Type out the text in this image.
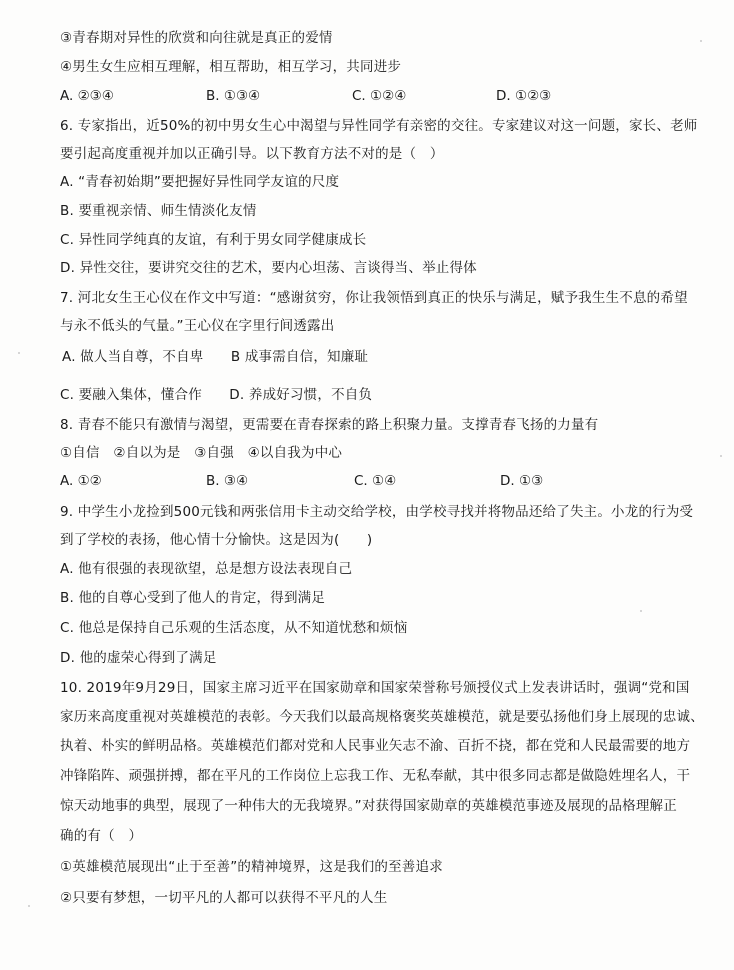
③青春期对异性的欣赏和向往就是真正的爱情
④男生女生应相互理解，相互帮助，相互学习，共同进步
A. ②③④	B. ①③④	C. ①②④	D. ①②③
6. 专家指出，近50%的初中男女生心中渴望与异性同学有亲密的交往。专家建议对这一问题，家长、老师
要引起高度重视并加以正确引导。以下教育方法不对的是（　）
A. “青春初始期”要把握好异性同学友谊的尺度
B. 要重视亲情、师生情淡化友情
C. 异性同学纯真的友谊，有利于男女同学健康成长
D. 异性交往，要讲究交往的艺术，要内心坦荡、言谈得当、举止得体
7. 河北女生王心仪在作文中写道：“感谢贫穷，你让我领悟到真正的快乐与满足，赋予我生生不息的希望
与永不低头的气量。”王心仪在字里行间透露出
A. 做人当自尊，不自卑　　B 成事需自信，知廉耻
C. 要融入集体，懂合作　　D. 养成好习惯，不自负
8. 青春不能只有激情与渴望，更需要在青春探索的路上积聚力量。支撑青春飞扬的力量有
①自信　②自以为是　③自强　④以自我为中心
A. ①②	B. ③④	C. ①④	D. ①③
9. 中学生小龙捡到500元钱和两张信用卡主动交给学校，由学校寻找并将物品还给了失主。小龙的行为受
到了学校的表扬，他心情十分愉快。这是因为(　　)
A. 他有很强的表现欲望，总是想方设法表现自己
B. 他的自尊心受到了他人的肯定，得到满足
C. 他总是保持自己乐观的生活态度，从不知道忧愁和烦恼
D. 他的虚荣心得到了满足
10. 2019年9月29日，国家主席习近平在国家勋章和国家荣誉称号颁授仪式上发表讲话时，强调“党和国
家历来高度重视对英雄模范的表彰。今天我们以最高规格褒奖英雄模范，就是要弘扬他们身上展现的忠诚、
执着、朴实的鲜明品格。英雄模范们都对党和人民事业矢志不渝、百折不挠，都在党和人民最需要的地方
冲锋陷阵、顽强拼搏，都在平凡的工作岗位上忘我工作、无私奉献，其中很多同志都是做隐姓埋名人，干
惊天动地事的典型，展现了一种伟大的无我境界。”对获得国家勋章的英雄模范事迹及展现的品格理解正
确的有（　）
①英雄模范展现出“止于至善”的精神境界，这是我们的至善追求
②只要有梦想，一切平凡的人都可以获得不平凡的人生
